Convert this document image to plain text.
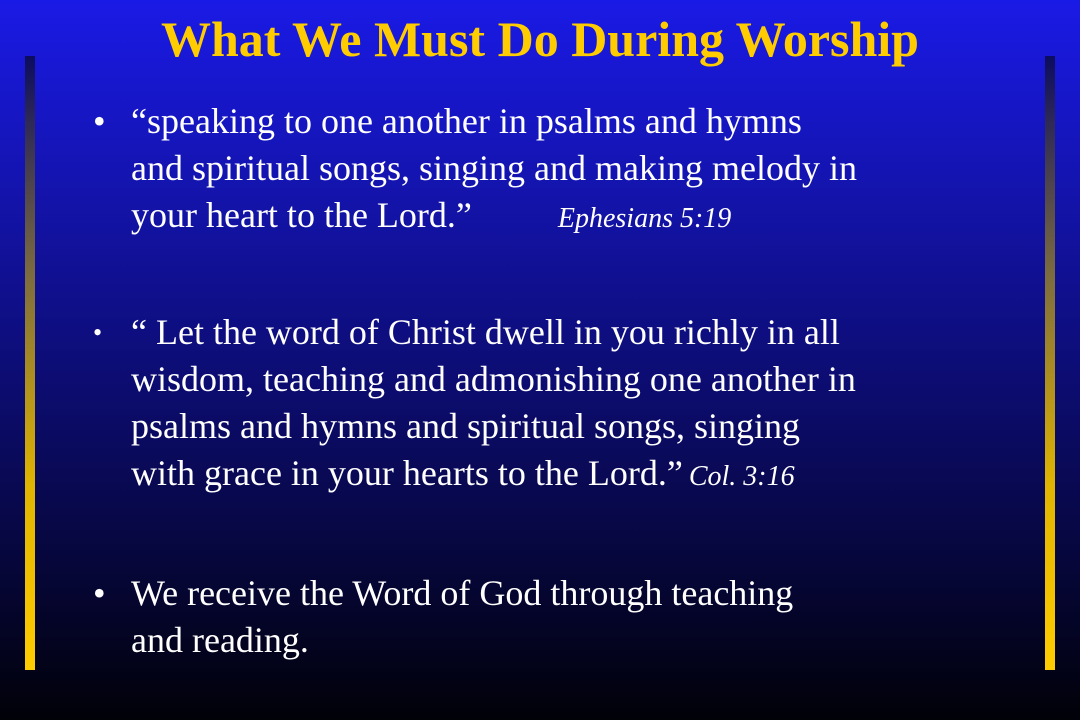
What We Must Do During Worship
• “speaking to one another in psalms and hymns
and spiritual songs, singing and making melody in
your heart to the Lord.”	Ephesians 5:19
• “ Let the word of Christ dwell in you richly in all
wisdom, teaching and admonishing one another in
psalms and hymns and spiritual songs, singing
with grace in your hearts to the Lord.” Col. 3:16
• We receive the Word of God through teaching
and reading.
